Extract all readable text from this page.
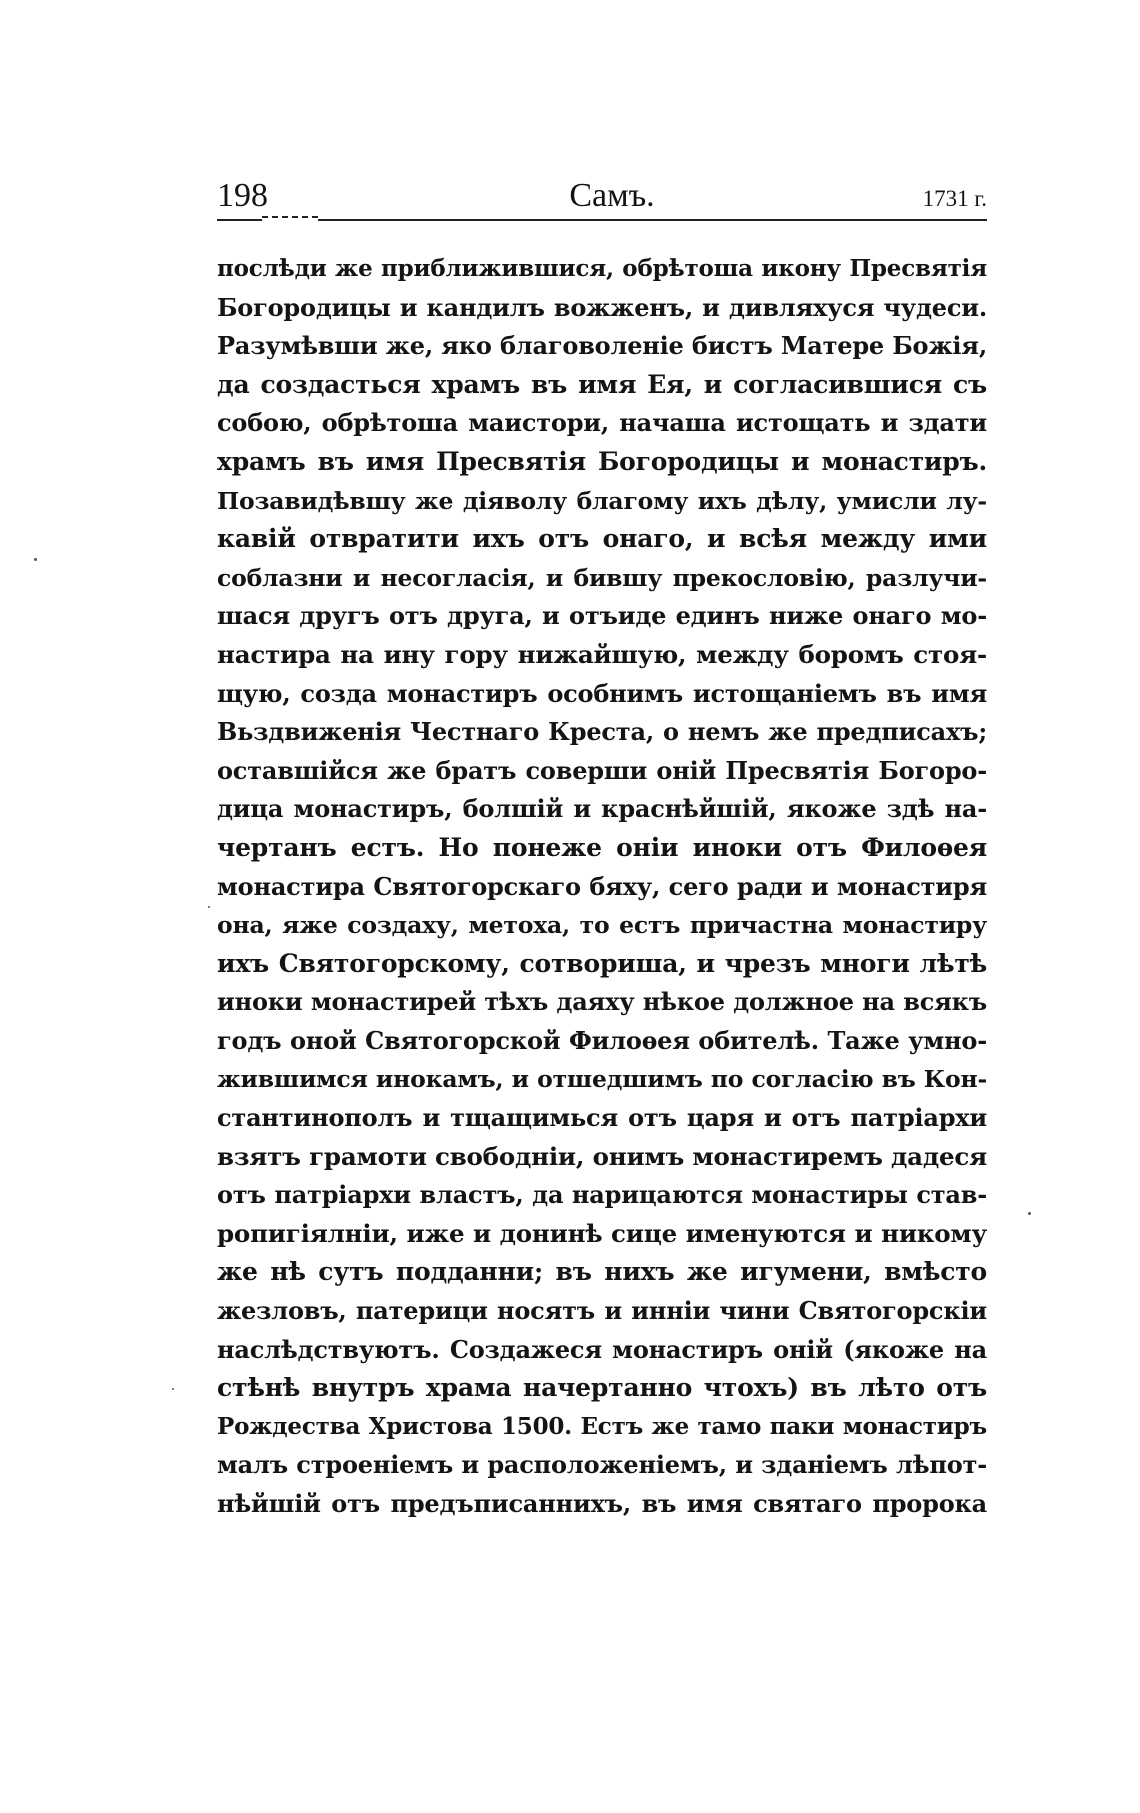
198	Самъ.	1731 г.
послѣди же приближившися, обрѣтоша икону Пресвятія
Богородицы и кандилъ вожженъ, и дивляхуся чудеси.
Разумѣвши же, яко благоволеніе бистъ Матере Божія,
да создасться храмъ въ имя Ея, и согласившися съ
собою, обрѣтоша маистори, начаша истощать и здати
храмъ въ имя Пресвятія Богородицы и монастиръ.
Позавидѣвшу же діяволу благому ихъ дѣлу, умисли лу-
кавій отвратити ихъ отъ онаго, и всѣя между ими
соблазни и несогласія, и бившу прекословію, разлучи-
шася другъ отъ друга, и отъиде единъ ниже онаго мо-
настира на ину гору нижайшую, между боромъ стоя-
щую, созда монастиръ особнимъ истощаніемъ въ имя
Вьздвиженія Честнаго Креста, о немъ же предписахъ;
оставшійся же братъ соверши оній Пресвятія Богоро-
дица монастиръ, болшій и краснѣйшій, якоже здѣ на-
чертанъ естъ. Но понеже оніи иноки отъ Филоѳея
монастира Святогорскаго бяху, сего ради и монастиря
она, яже создаху, метоха, то естъ причастна монастиру
ихъ Святогорскому, сотвориша, и чрезъ многи лѣтѣ
иноки монастирей тѣхъ даяху нѣкое должное на всякъ
годъ оной Святогорской Филоѳея обителѣ. Таже умно-
жившимся инокамъ, и отшедшимъ по согласію въ Кон-
стантинополъ и тщащимься отъ царя и отъ патріархи
взятъ грамоти свободніи, онимъ монастиремъ дадеся
отъ патріархи властъ, да нарицаются монастиры став-
ропигіялніи, иже и донинѣ сице именуются и никому
же нѣ сутъ подданни; въ нихъ же игумени, вмѣсто
жезловъ, патерици носятъ и инніи чини Святогорскіи
наслѣдствуютъ. Создажеся монастиръ оній (якоже на
стѣнѣ внутръ храма начертанно чтохъ) въ лѣто отъ
Рождества Христова 1500. Естъ же тамо паки монастиръ
малъ строеніемъ и расположеніемъ, и зданіемъ лѣпот-
нѣйшій отъ предъписанниxъ, въ имя святаго пророка
